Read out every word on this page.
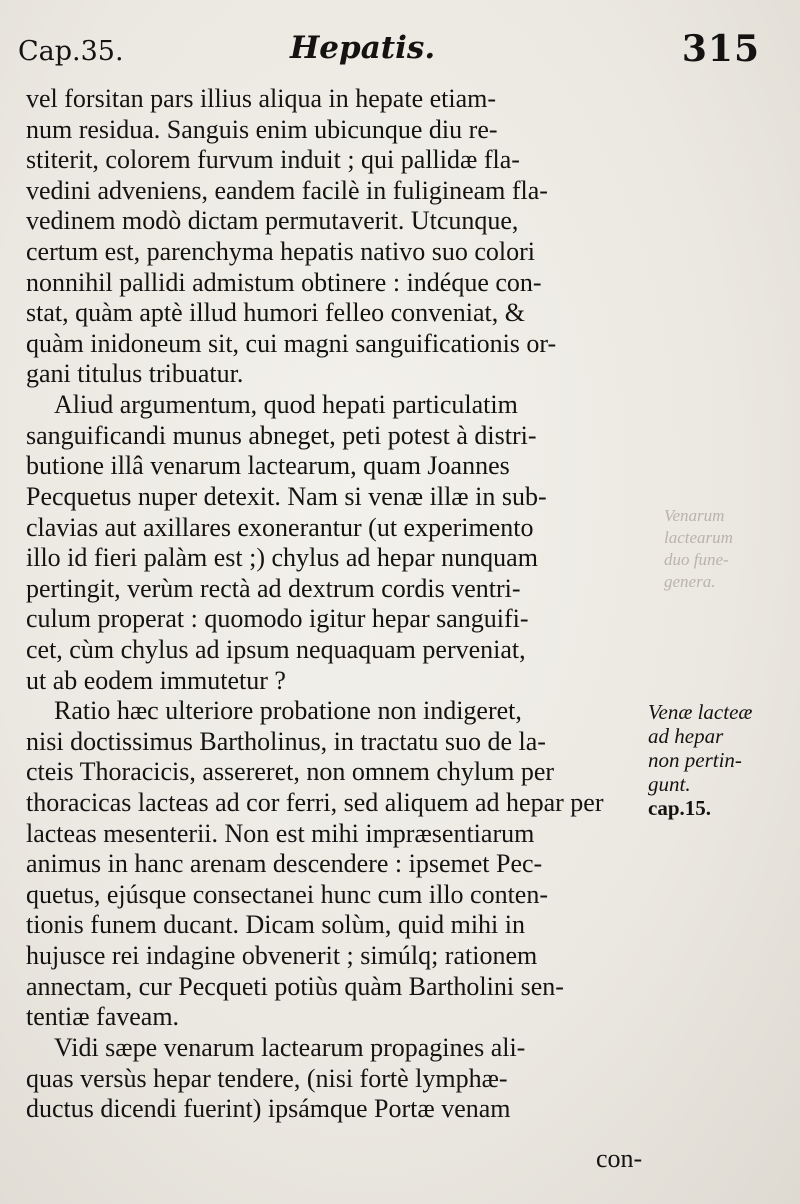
Cap.35.	Hepatis.	315
Venarum
lactearum
duo fune-
genera.
vel forsitan pars illius aliqua in hepate etiam-
num residua. Sanguis enim ubicunque diu re-
stiterit, colorem furvum induit ; qui pallidæ fla-
vedini adveniens, eandem facilè in fuligineam fla-
vedinem modò dictam permutaverit. Utcunque,
certum est, parenchyma hepatis nativo suo colori
nonnihil pallidi admistum obtinere : indéque con-
stat, quàm aptè illud humori felleo conveniat, &
quàm inidoneum sit, cui magni sanguificationis or-
gani titulus tribuatur.
Aliud argumentum, quod hepati particulatim
sanguificandi munus abneget, peti potest à distri-
butione illâ venarum lactearum, quam Joannes
Pecquetus nuper detexit. Nam si venæ illæ in sub-
clavias aut axillares exonerantur (ut experimento
illo id fieri palàm est ;) chylus ad hepar nunquam
pertingit, verùm rectà ad dextrum cordis ventri-
culum properat : quomodo igitur hepar sanguifi-
cet, cùm chylus ad ipsum nequaquam perveniat,
ut ab eodem immutetur ?
Ratio hæc ulteriore probatione non indigeret,
nisi doctissimus Bartholinus, in tractatu suo de la-
cteis Thoracicis, assereret, non omnem chylum per
thoracicas lacteas ad cor ferri, sed aliquem ad hepar per
lacteas mesenterii. Non est mihi impræsentiarum
animus in hanc arenam descendere : ipsemet Pec-
quetus, ejúsque consectanei hunc cum illo conten-
tionis funem ducant. Dicam solùm, quid mihi in
hujusce rei indagine obvenerit ; simúlq; rationem
annectam, cur Pecqueti potiùs quàm Bartholini sen-
tentiæ faveam.
Vidi sæpe venarum lactearum propagines ali-
quas versùs hepar tendere, (nisi fortè lymphæ-
ductus dicendi fuerint) ipsámque Portæ venam
Venæ lacteæ
ad hepar
non pertin-
gunt.
cap.15.
con-
